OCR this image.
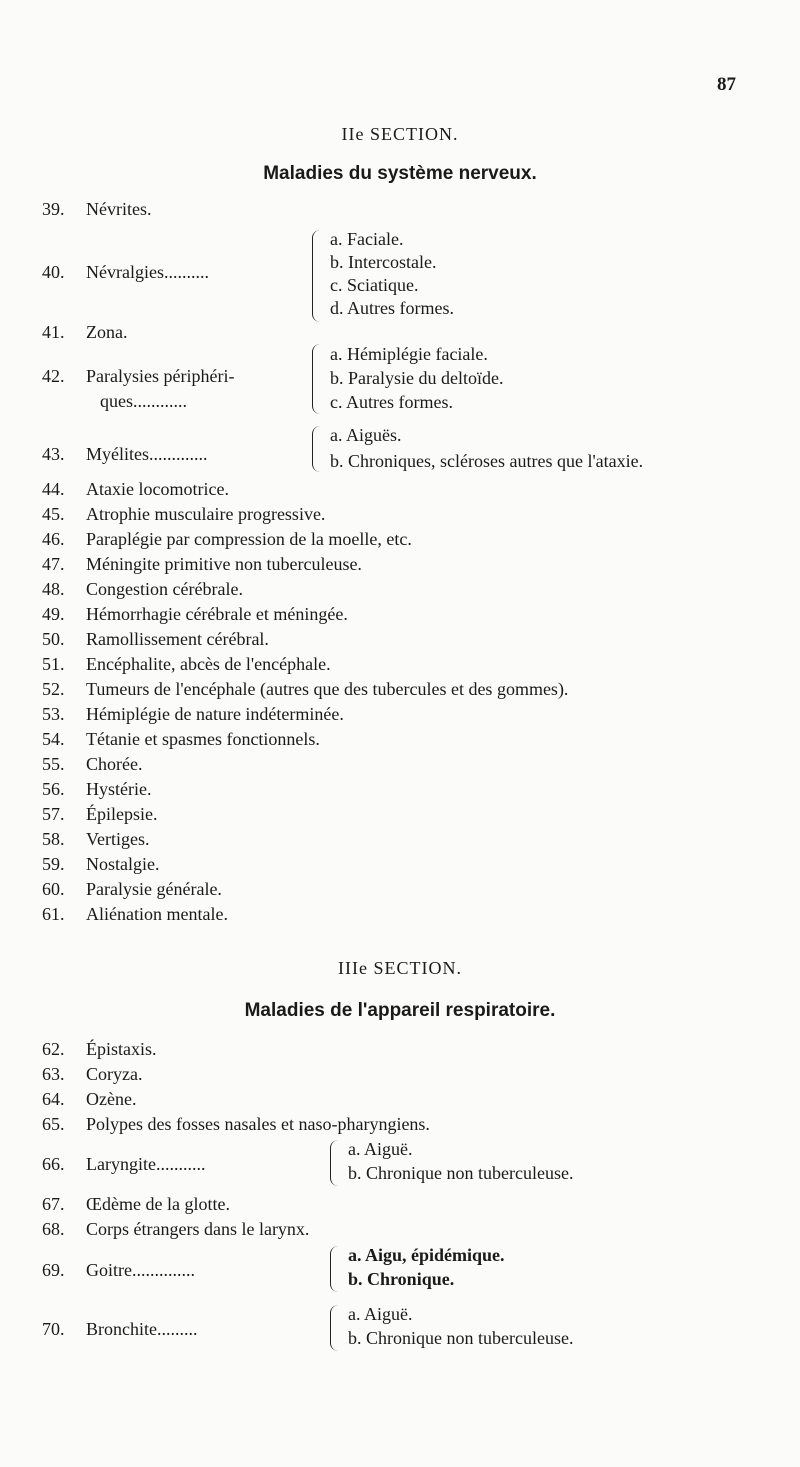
87
IIe SECTION.
Maladies du système nerveux.
39. Névrites.
40. Névralgies..........
a. Faciale.
b. Intercostale.
c. Sciatique.
d. Autres formes.
41. Zona.
42. Paralysies périphéri-
ques............
a. Hémiplégie faciale.
b. Paralysie du deltoïde.
c. Autres formes.
43. Myélites.............
a. Aiguës.
b. Chroniques, scléroses autres que l'ataxie.
44. Ataxie locomotrice.
45. Atrophie musculaire progressive.
46. Paraplégie par compression de la moelle, etc.
47. Méningite primitive non tuberculeuse.
48. Congestion cérébrale.
49. Hémorrhagie cérébrale et méningée.
50. Ramollissement cérébral.
51. Encéphalite, abcès de l'encéphale.
52. Tumeurs de l'encéphale (autres que des tubercules et des gommes).
53. Hémiplégie de nature indéterminée.
54. Tétanie et spasmes fonctionnels.
55. Chorée.
56. Hystérie.
57. Épilepsie.
58. Vertiges.
59. Nostalgie.
60. Paralysie générale.
61. Aliénation mentale.
IIIe SECTION.
Maladies de l'appareil respiratoire.
62. Épistaxis.
63. Coryza.
64. Ozène.
65. Polypes des fosses nasales et naso-pharyngiens.
66. Laryngite...........
a. Aiguë.
b. Chronique non tuberculeuse.
67. Œdème de la glotte.
68. Corps étrangers dans le larynx.
69. Goitre..............
a. Aigu, épidémique.
b. Chronique.
70. Bronchite.........
a. Aiguë.
b. Chronique non tuberculeuse.
